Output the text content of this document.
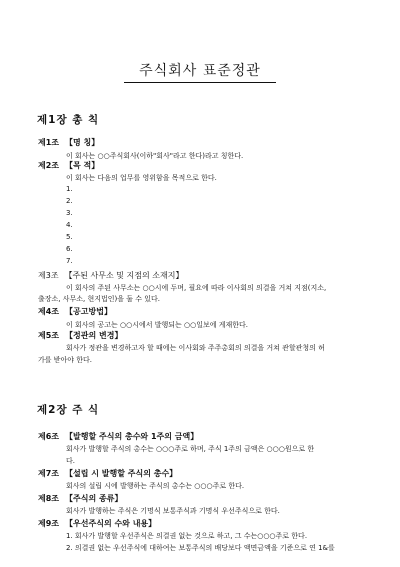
주식회사 표준정관
제1장 총 칙
제1조 【명 칭】
이 회사는 ○○주식회사(이하"회사"라고 한다)라고 칭한다.
제2조 【목 적】
이 회사는 다음의 업무를 영위함을 목적으로 한다.
1.
2.
3.
4.
5.
6.
7.
제3조 【주된 사무소 및 지점의 소재지】
이 회사의 주된 사무소는 ○○시에 두며, 필요에 따라 이사회의 의결을 거쳐 지점(지소,
출장소, 사무소, 현지법인)을 둘 수 있다.
제4조 【공고방법】
이 회사의 공고는 ○○시에서 발행되는 ○○일보에 게재한다.
제5조 【정관의 변경】
회사가 정관을 변경하고자 할 때에는 이사회와 주주총회의 의결을 거쳐 관할관청의 허
가를 받아야 한다.
제2장 주 식
제6조 【발행할 주식의 총수와 1주의 금액】
회사가 발행할 주식의 총수는 ○○○주로 하며, 주식 1주의 금액은 ○○○원으로 한
다.
제7조 【설립 시 발행할 주식의 총수】
회사의 설립 시에 발행하는 주식의 총수는 ○○○주로 한다.
제8조 【주식의 종류】
회사가 발행하는 주식은 기명식 보통주식과 기명식 우선주식으로 한다.
제9조 【우선주식의 수와 내용】
1. 회사가 발행할 우선주식은 의결권 없는 것으로 하고, 그 수는○○○주로 한다.
2. 의결권 없는 우선주식에 대하여는 보통주식의 배당보다 액면금액을 기준으로 연 1&를
